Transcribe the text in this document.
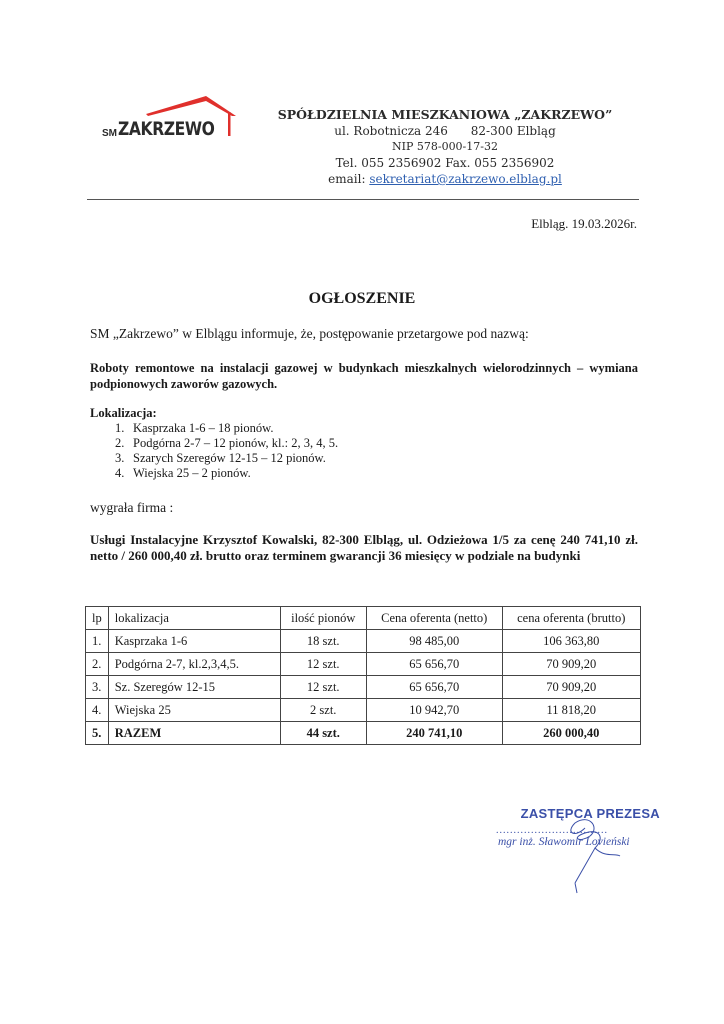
SM ZAKRZEWO
SPÓŁDZIELNIA MIESZKANIOWA „ZAKRZEWO”
ul. Robotnicza 246      82-300 Elbląg
NIP 578-000-17-32
Tel. 055 2356902 Fax. 055 2356902
email: sekretariat@zakrzewo.elblag.pl
Elbląg. 19.03.2026r.
OGŁOSZENIE
SM „Zakrzewo” w Elblągu informuje, że, postępowanie przetargowe pod nazwą:
Roboty remontowe na instalacji gazowej w budynkach mieszkalnych wielorodzinnych – wymiana podpionowych zaworów gazowych.
Lokalizacja:
1. Kasprzaka 1-6 – 18 pionów.
2. Podgórna 2-7 – 12 pionów, kl.: 2, 3, 4, 5.
3. Szarych Szeregów 12-15 – 12 pionów.
4. Wiejska 25 – 2 pionów.
wygrała firma :
Usługi Instalacyjne Krzysztof Kowalski, 82-300 Elbląg, ul. Odzieżowa 1/5 za cenę 240 741,10 zł. netto / 260 000,40 zł. brutto oraz terminem gwarancji 36 miesięcy w podziale na budynki
lp	lokalizacja	ilość pionów	Cena oferenta (netto)	cena oferenta (brutto)
1.	Kasprzaka 1-6	18 szt.	98 485,00	106 363,80
2.	Podgórna 2-7, kl.2,3,4,5.	12 szt.	65 656,70	70 909,20
3.	Sz. Szeregów 12-15	12 szt.	65 656,70	70 909,20
4.	Wiejska 25	2 szt.	10 942,70	11 818,20
5.	RAZEM	44 szt.	240 741,10	260 000,40
ZASTĘPCA PREZESA
................................
mgr inż. Sławomir Lovieński
